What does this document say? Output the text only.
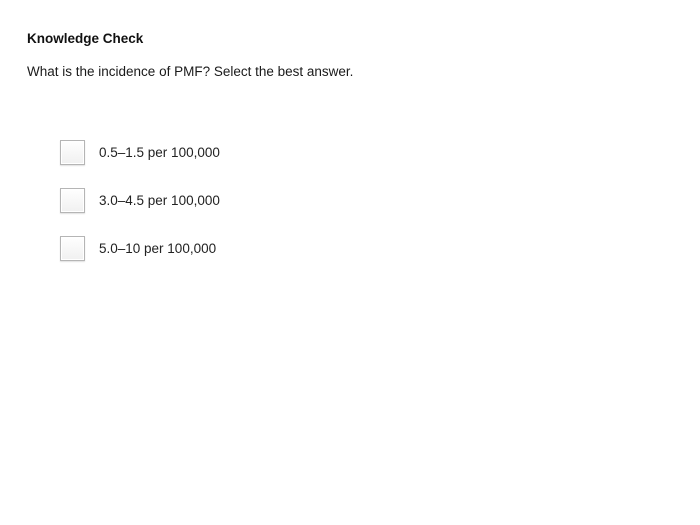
Knowledge Check
What is the incidence of PMF? Select the best answer.
0.5–1.5 per 100,000
3.0–4.5 per 100,000
5.0–10 per 100,000
